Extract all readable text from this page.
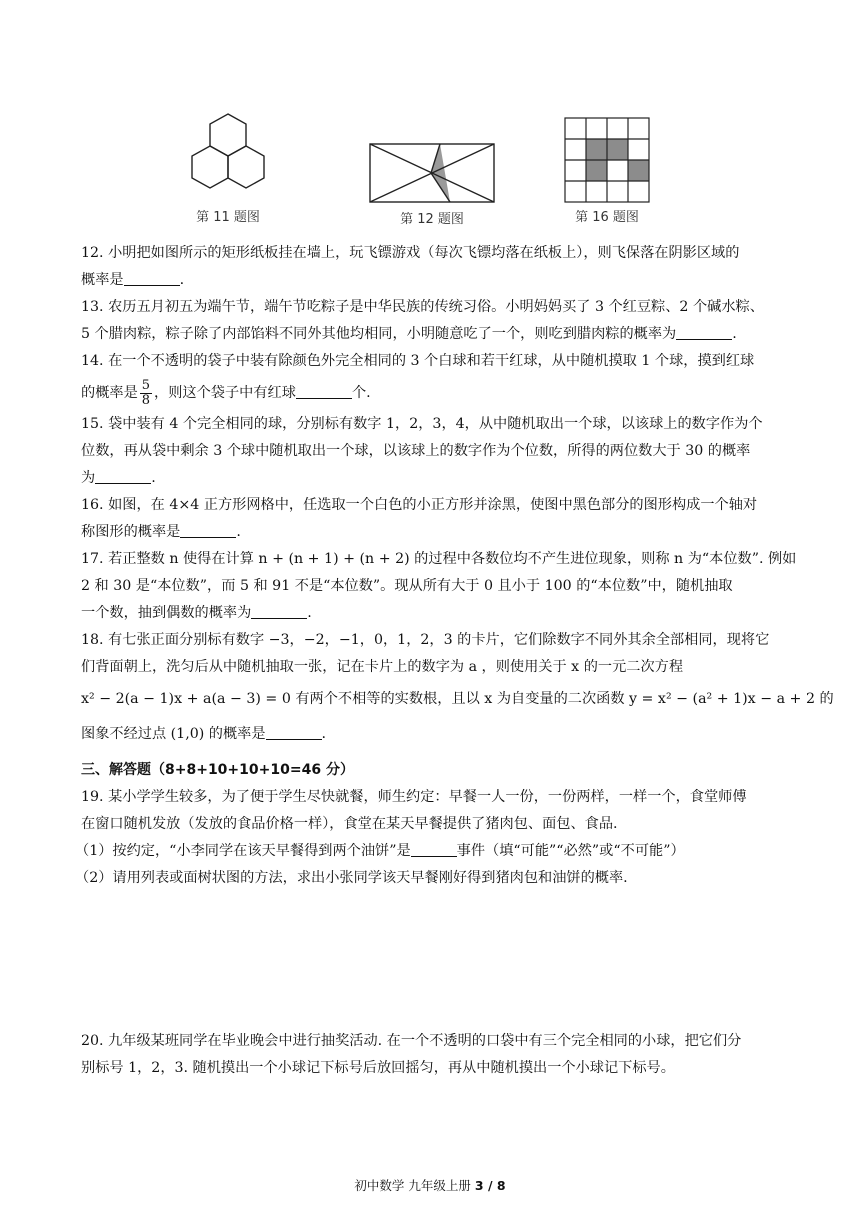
第 11 题图	第 12 题图	第 16 题图
12. 小明把如图所示的矩形纸板挂在墙上，玩飞镖游戏（每次飞镖均落在纸板上），则飞保落在阴影区域的
概率是	.
13. 农历五月初五为端午节，端午节吃粽子是中华民族的传统习俗。小明妈妈买了 3 个红豆粽、2 个碱水粽、
5 个腊肉粽，粽子除了内部馅料不同外其他均相同，小明随意吃了一个，则吃到腊肉粽的概率为	.
14. 在一个不透明的袋子中装有除颜色外完全相同的 3 个白球和若干红球，从中随机摸取 1 个球，摸到红球
的概率是 $\frac{5}{8}$ ，则这个袋子中有红球	个.
15. 袋中装有 4 个完全相同的球，分别标有数字 1，2，3，4，从中随机取出一个球，以该球上的数字作为个
位数，再从袋中剩余 3 个球中随机取出一个球，以该球上的数字作为个位数，所得的两位数大于 30 的概率
为	.
16. 如图，在 4×4 正方形网格中，任选取一个白色的小正方形并涂黑，使图中黑色部分的图形构成一个轴对
称图形的概率是	.
17. 若正整数 n 使得在计算 n + (n + 1) + (n + 2) 的过程中各数位均不产生进位现象，则称 n 为“本位数”. 例如
2 和 30 是“本位数”，而 5 和 91 不是“本位数”。现从所有大于 0 且小于 100 的“本位数”中，随机抽取
一个数，抽到偶数的概率为	.
18. 有七张正面分别标有数字 −3，−2，−1，0，1，2，3 的卡片，它们除数字不同外其余全部相同，现将它
们背面朝上，洗匀后从中随机抽取一张，记在卡片上的数字为 a ，则使用关于 x 的一元二次方程
x² − 2(a − 1)x + a(a − 3) = 0 有两个不相等的实数根，且以 x 为自变量的二次函数 y = x² − (a² + 1)x − a + 2 的
图象不经过点 (1,0) 的概率是	.
三、解答题（8+8+10+10+10=46 分）
19. 某小学学生较多，为了便于学生尽快就餐，师生约定：早餐一人一份，一份两样，一样一个，食堂师傅
在窗口随机发放（发放的食品价格一样），食堂在某天早餐提供了猪肉包、面包、食品.
（1）按约定，“小李同学在该天早餐得到两个油饼”是	事件（填“可能”“必然”或“不可能”）
（2）请用列表或面树状图的方法，求出小张同学该天早餐刚好得到猪肉包和油饼的概率.
20. 九年级某班同学在毕业晚会中进行抽奖活动. 在一个不透明的口袋中有三个完全相同的小球，把它们分
别标号 1，2，3. 随机摸出一个小球记下标号后放回摇匀，再从中随机摸出一个小球记下标号。
初中数学 九年级上册 3 / 8
